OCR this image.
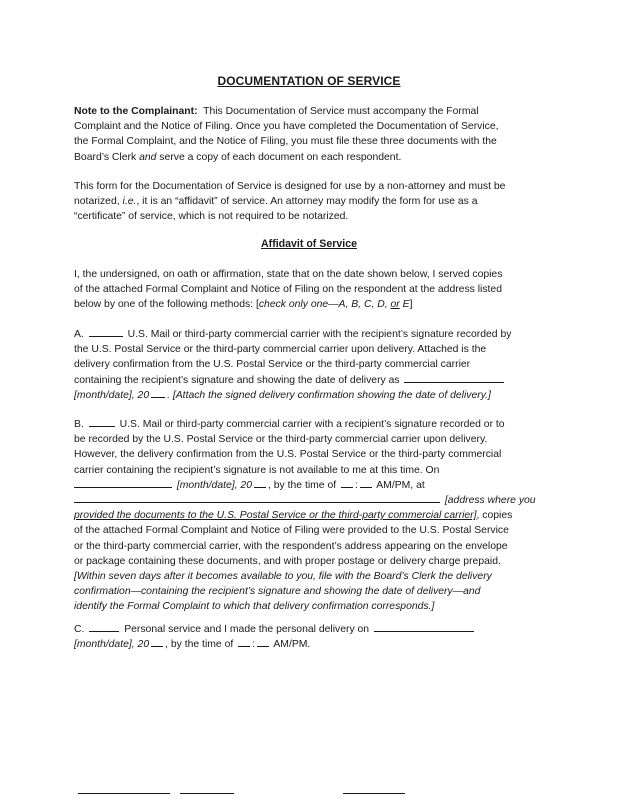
DOCUMENTATION OF SERVICE

Note to the Complainant: This Documentation of Service must accompany the Formal

Complaint and the Notice of Filing. Once you have completed the Documentation of Service,

the Formal Complaint, and the Notice of Filing, you must file these three documents with the

Board’s Clerk and serve a copy of each document on each respondent.

This form for the Documentation of Service is designed for use by a non-attorney and must be

notarized, i.e., it is an “affidavit” of service. An attorney may modify the form for use as a

“certificate” of service, which is not required to be notarized.

Affidavit of Service

I, the undersigned, on oath or affirmation, state that on the date shown below, I served copies

of the attached Formal Complaint and Notice of Filing on the respondent at the address listed

below by one of the following methods: [check only one—A, B, C, D, or E]

A.	U.S. Mail or third-party commercial carrier with the recipient’s signature recorded by

the U.S. Postal Service or the third-party commercial carrier upon delivery. Attached is the

delivery confirmation from the U.S. Postal Service or the third-party commercial carrier

containing the recipient’s signature and showing the date of delivery as

[month/date], 20 . [Attach the signed delivery confirmation showing the date of delivery.]

B.	U.S. Mail or third-party commercial carrier with a recipient’s signature recorded or to

be recorded by the U.S. Postal Service or the third-party commercial carrier upon delivery.

However, the delivery confirmation from the U.S. Postal Service or the third-party commercial

carrier containing the recipient’s signature is not available to me at this time. On

[month/date], 20 , by the time of : AM/PM, at

[address where you

provided the documents to the U.S. Postal Service or the third-party commercial carrier], copies

of the attached Formal Complaint and Notice of Filing were provided to the U.S. Postal Service

or the third-party commercial carrier, with the respondent’s address appearing on the envelope

or package containing these documents, and with proper postage or delivery charge prepaid.

[Within seven days after it becomes available to you, file with the Board’s Clerk the delivery

confirmation—containing the recipient’s signature and showing the date of delivery—and

identify the Formal Complaint to which that delivery confirmation corresponds.]

C.	Personal service and I made the personal delivery on

[month/date], 20 , by the time of : AM/PM.
